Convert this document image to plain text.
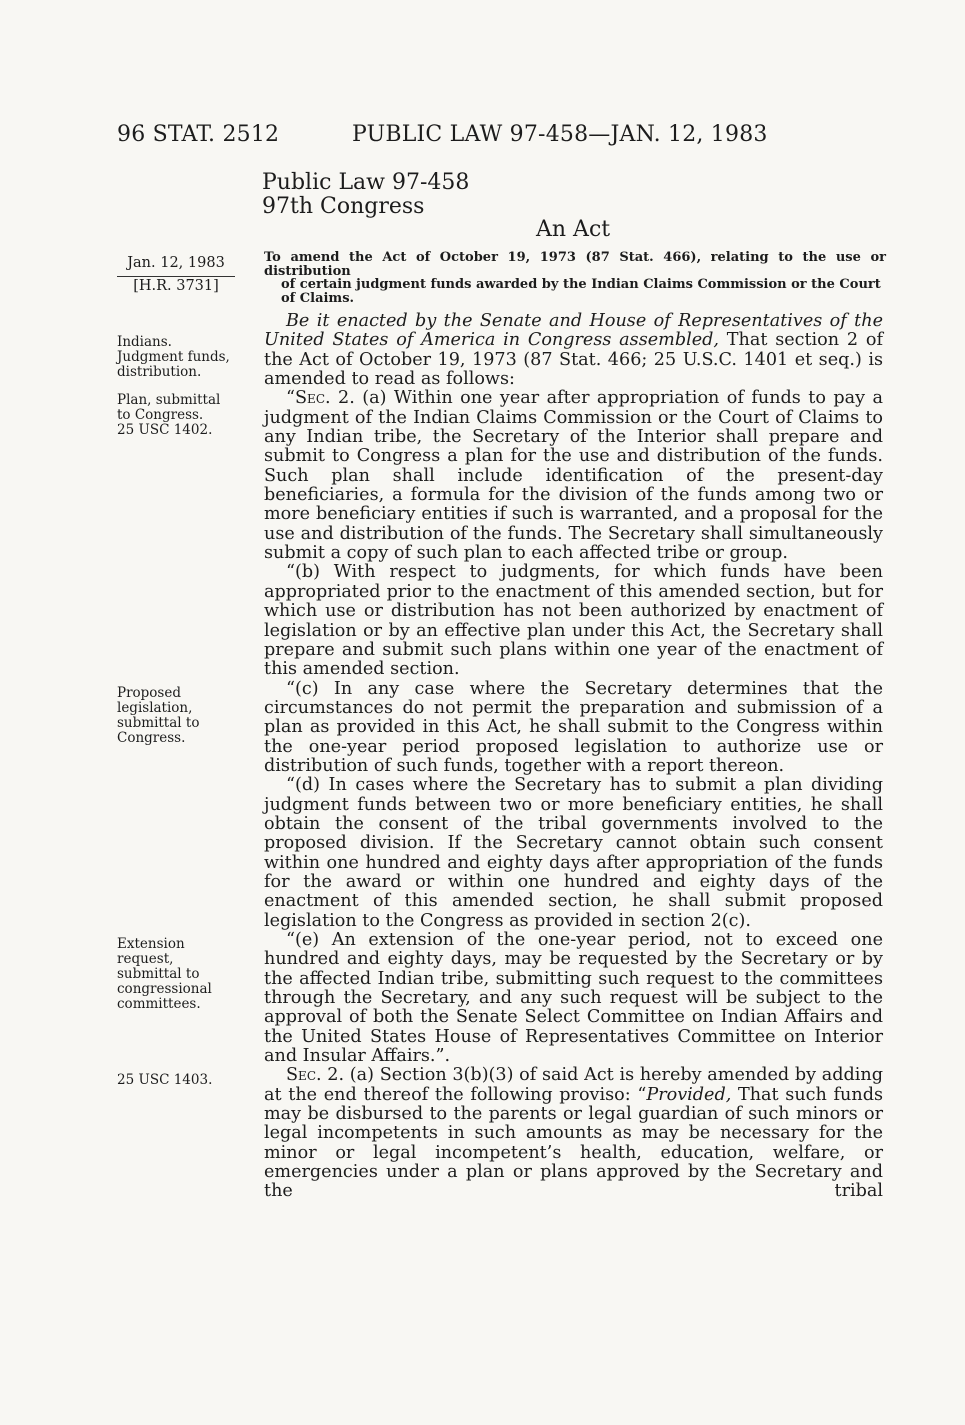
96 STAT. 2512	PUBLIC LAW 97-458—JAN. 12, 1983
Public Law 97-458
97th Congress
An Act
Jan. 12, 1983
[H.R. 3731]
To amend the Act of October 19, 1973 (87 Stat. 466), relating to the use or distribution

of certain judgment funds awarded by the Indian Claims Commission or the Court
of Claims.
Indians.
Judgment funds,
distribution.
Plan, submittal
to Congress.
25 USC 1402.
Proposed
legislation,
submittal to
Congress.
Extension
request,
submittal to
congressional
committees.
25 USC 1403.

Be it enacted by the Senate and House of Representatives of the United States of America in Congress assembled, That section 2 of the Act of October 19, 1973 (87 Stat. 466; 25 U.S.C. 1401 et seq.) is amended to read as follows:

“Sec. 2. (a) Within one year after appropriation of funds to pay a judgment of the Indian Claims Commission or the Court of Claims to any Indian tribe, the Secretary of the Interior shall prepare and submit to Congress a plan for the use and distribution of the funds. Such plan shall include identification of the present-day beneficiaries, a formula for the division of the funds among two or more beneficiary entities if such is warranted, and a proposal for the use and distribution of the funds. The Secretary shall simultaneously submit a copy of such plan to each affected tribe or group.

“(b) With respect to judgments, for which funds have been appropriated prior to the enactment of this amended section, but for which use or distribution has not been authorized by enactment of legislation or by an effective plan under this Act, the Secretary shall prepare and submit such plans within one year of the enactment of this amended section.

“(c) In any case where the Secretary determines that the circumstances do not permit the preparation and submission of a plan as provided in this Act, he shall submit to the Congress within the one-year period proposed legislation to authorize use or distribution of such funds, together with a report thereon.

“(d) In cases where the Secretary has to submit a plan dividing judgment funds between two or more beneficiary entities, he shall obtain the consent of the tribal governments involved to the proposed division. If the Secretary cannot obtain such consent within one hundred and eighty days after appropriation of the funds for the award or within one hundred and eighty days of the enactment of this amended section, he shall submit proposed legislation to the Congress as provided in section 2(c).

“(e) An extension of the one-year period, not to exceed one hundred and eighty days, may be requested by the Secretary or by the affected Indian tribe, submitting such request to the committees through the Secretary, and any such request will be subject to the approval of both the Senate Select Committee on Indian Affairs and the United States House of Representatives Committee on Interior and Insular Affairs.”.

Sec. 2. (a) Section 3(b)(3) of said Act is hereby amended by adding at the end thereof the following proviso: “Provided, That such funds may be disbursed to the parents or legal guardian of such minors or legal incompetents in such amounts as may be necessary for the minor or legal incompetent’s health, education, welfare, or emergencies under a plan or plans approved by the Secretary and the tribal
